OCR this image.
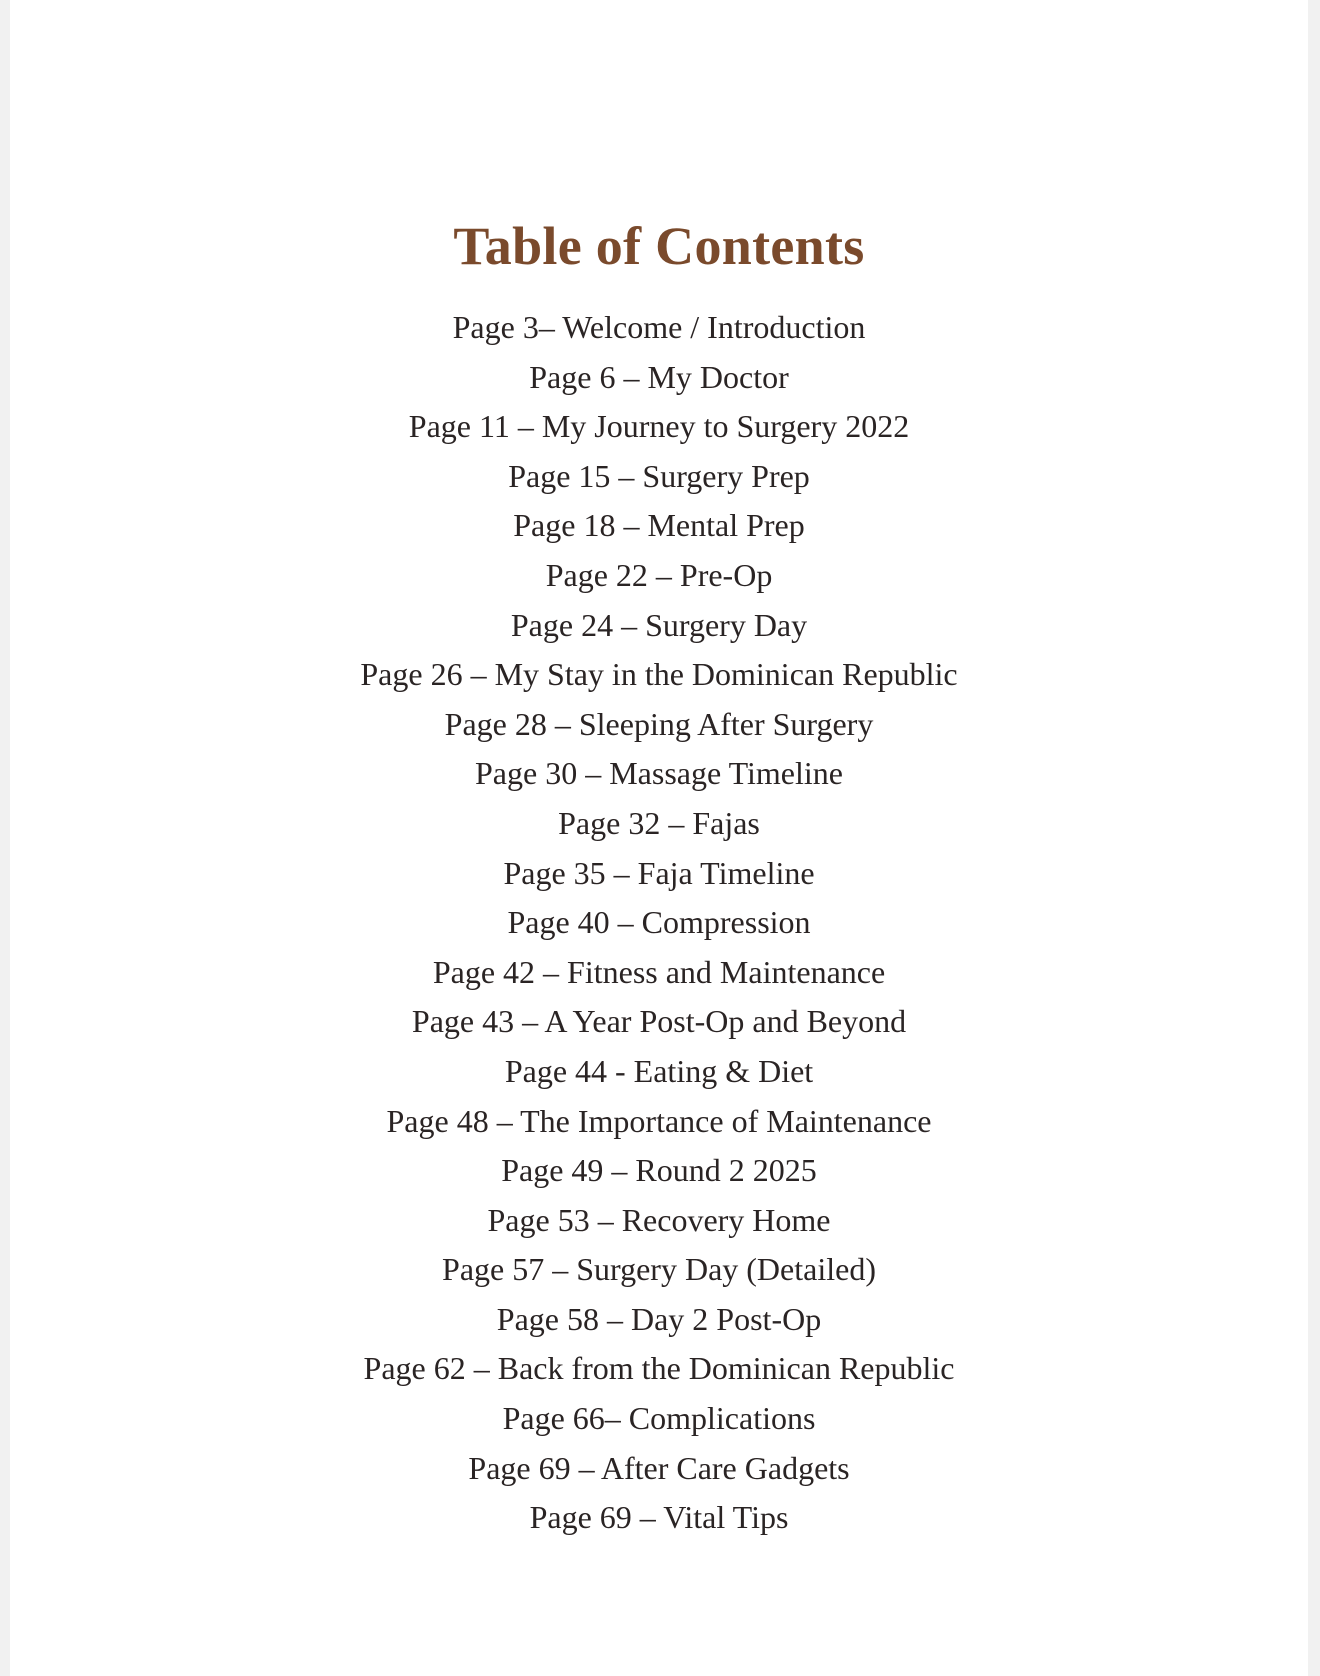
Table of Contents
Page 3– Welcome / Introduction
Page 6 – My Doctor
Page 11 – My Journey to Surgery 2022
Page 15 – Surgery Prep
Page 18 – Mental Prep
Page 22 – Pre-Op
Page 24 – Surgery Day
Page 26 – My Stay in the Dominican Republic
Page 28 – Sleeping After Surgery
Page 30 – Massage Timeline
Page 32 – Fajas
Page 35 – Faja Timeline
Page 40 – Compression
Page 42 – Fitness and Maintenance
Page 43 – A Year Post-Op and Beyond
Page 44 - Eating & Diet
Page 48 – The Importance of Maintenance
Page 49 – Round 2 2025
Page 53 – Recovery Home
Page 57 – Surgery Day (Detailed)
Page 58 – Day 2 Post-Op
Page 62 – Back from the Dominican Republic
Page 66– Complications
Page 69 – After Care Gadgets
Page 69 – Vital Tips
